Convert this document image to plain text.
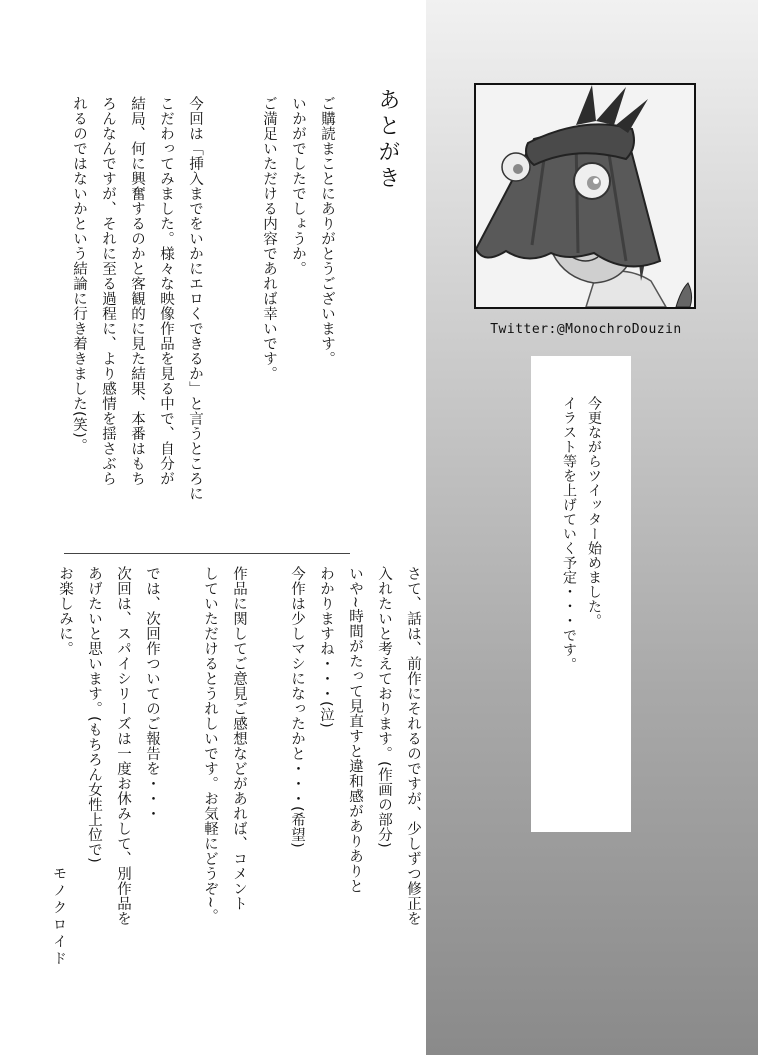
あとがき
ご購読まことにありがとうございます。
いかがでしたでしょうか。
ご満足いただける内容であれば幸いです。
今回は「挿入までをいかにエロくできるか」と言うところに
こだわってみました。様々な映像作品を見る中で、自分が
結局、何に興奮するのかと客観的に見た結果、本番はもち
ろんなんですが、それに至る過程に、より感情を揺さぶら
れるのではないかという結論に行き着きました(笑)。
さて、話は、前作にそれるのですが、少しずつ修正を
入れたいと考えております。(作画の部分)
いや~時間がたって見直すと違和感がありありと
わかりますね・・・(泣)
今作は少しマシになったかと・・・(希望)

作品に関してご意見ご感想などがあれば、コメント
していただけるとうれしいです。お気軽にどうぞ~。

では、次回作ついてのご報告を・・・
次回は、スパイシリーズは一度お休みして、別作品を
あげたいと思います。(もちろん女性上位で)
お楽しみに。
モノクロイド
Twitter:@MonochroDouzin
今更ながらツイッター始めました。
イラスト等を上げていく予定・・・です。
